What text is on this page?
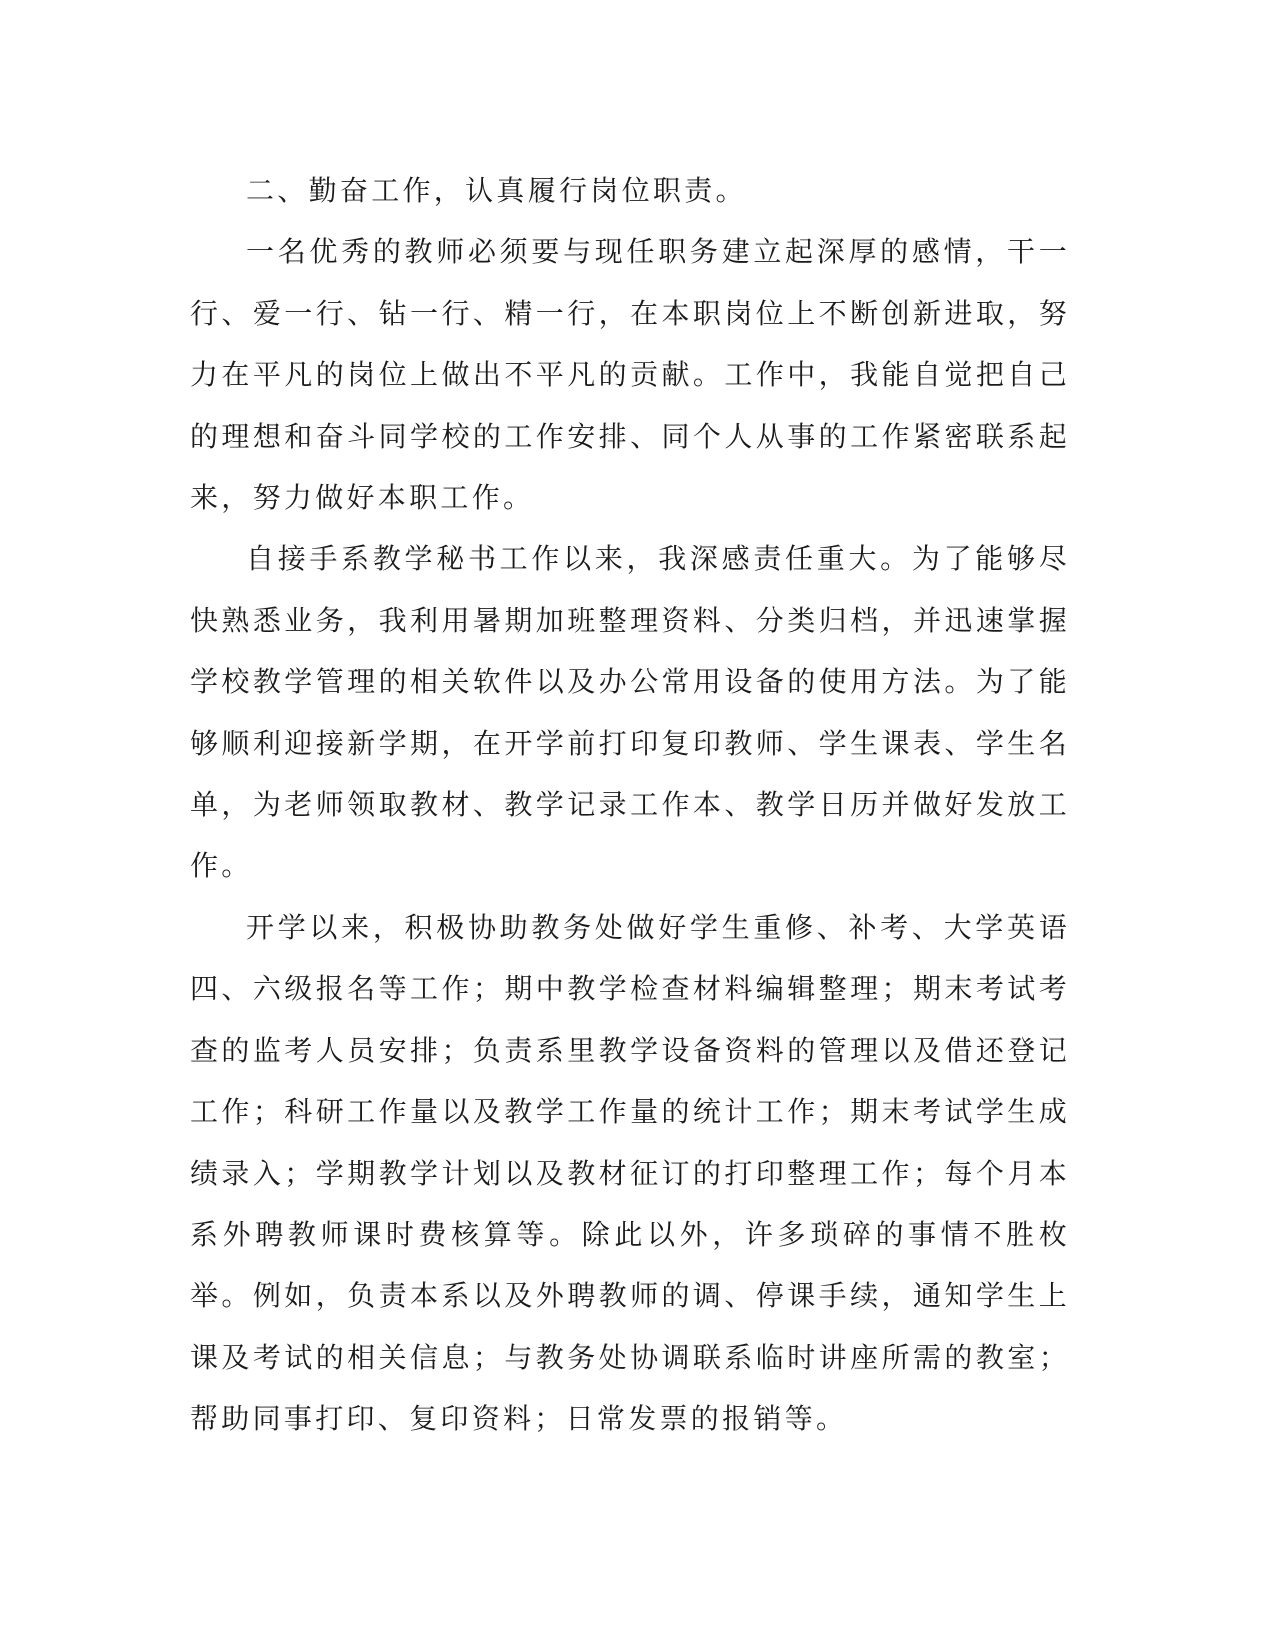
二、勤奋工作，认真履行岗位职责。

一名优秀的教师必须要与现任职务建立起深厚的感情，干一行、爱一行、钻一行、精一行，在本职岗位上不断创新进取，努力在平凡的岗位上做出不平凡的贡献。工作中，我能自觉把自己的理想和奋斗同学校的工作安排、同个人从事的工作紧密联系起来，努力做好本职工作。

自接手系教学秘书工作以来，我深感责任重大。为了能够尽快熟悉业务，我利用暑期加班整理资料、分类归档，并迅速掌握学校教学管理的相关软件以及办公常用设备的使用方法。为了能够顺利迎接新学期，在开学前打印复印教师、学生课表、学生名单，为老师领取教材、教学记录工作本、教学日历并做好发放工作。

开学以来，积极协助教务处做好学生重修、补考、大学英语四、六级报名等工作；期中教学检查材料编辑整理；期末考试考查的监考人员安排；负责系里教学设备资料的管理以及借还登记工作；科研工作量以及教学工作量的统计工作；期末考试学生成绩录入；学期教学计划以及教材征订的打印整理工作；每个月本系外聘教师课时费核算等。除此以外，许多琐碎的事情不胜枚举。例如，负责本系以及外聘教师的调、停课手续，通知学生上课及考试的相关信息；与教务处协调联系临时讲座所需的教室；帮助同事打印、复印资料；日常发票的报销等。
